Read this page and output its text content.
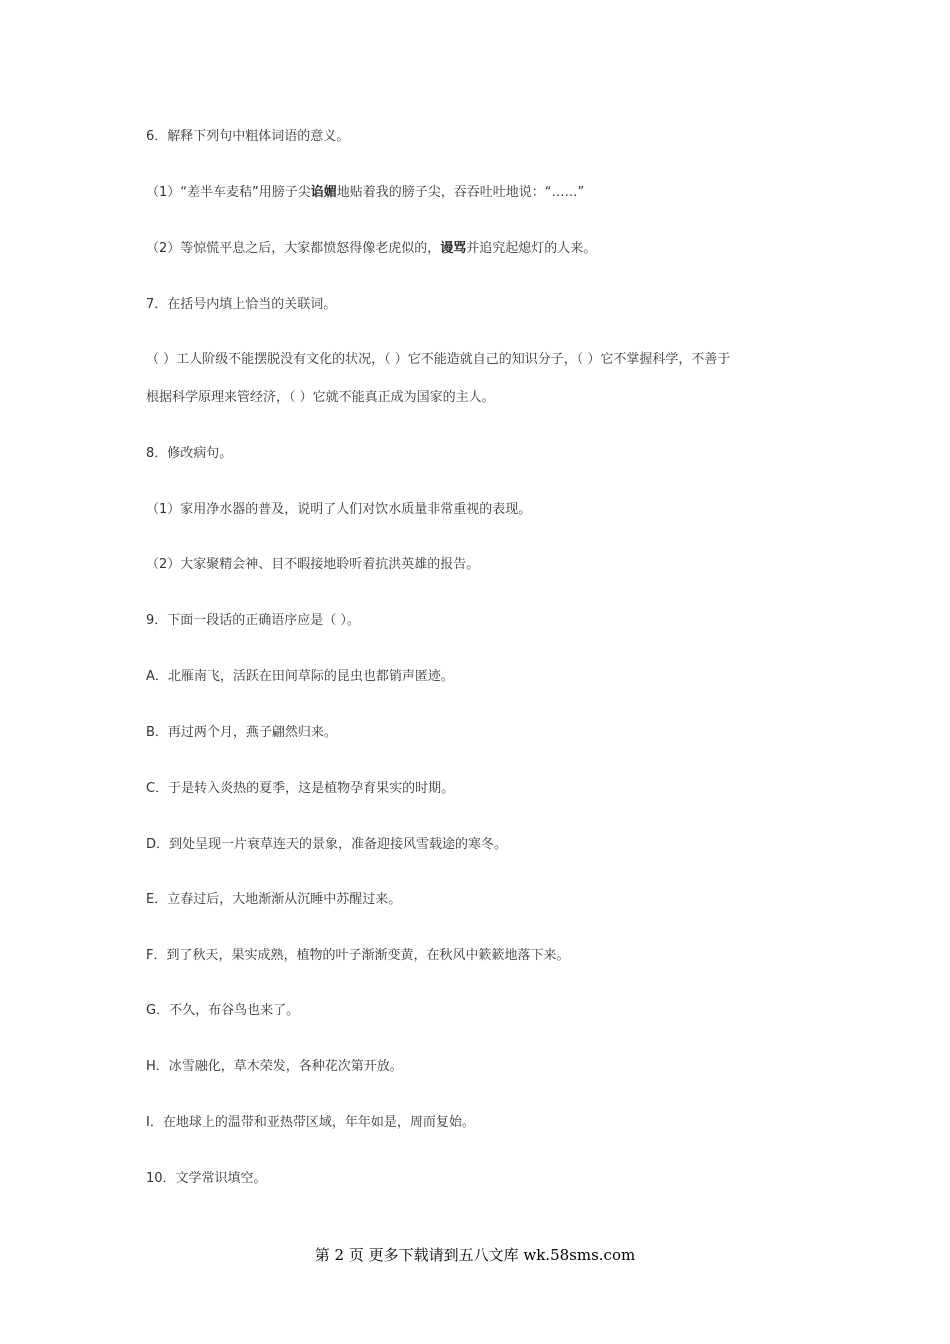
6．解释下列句中粗体词语的意义。

（1）“差半车麦秸”用膀子尖谄媚地贴着我的膀子尖，吞吞吐吐地说：“……”

（2）等惊慌平息之后，大家都愤怒得像老虎似的，谩骂并追究起熄灯的人来。

7．在括号内填上恰当的关联词。

（ ）工人阶级不能摆脱没有文化的状况，（ ）它不能造就自己的知识分子，（ ）它不掌握科学，不善于

根据科学原理来管经济，（ ）它就不能真正成为国家的主人。

8．修改病句。

（1）家用净水器的普及，说明了人们对饮水质量非常重视的表现。

（2）大家聚精会神、目不暇接地聆听着抗洪英雄的报告。

9．下面一段话的正确语序应是（ ）。

A．北雁南飞，活跃在田间草际的昆虫也都销声匿迹。

B．再过两个月，燕子翩然归来。

C．于是转入炎热的夏季，这是植物孕育果实的时期。

D．到处呈现一片衰草连天的景象，准备迎接风雪载途的寒冬。

E．立春过后，大地渐渐从沉睡中苏醒过来。

F．到了秋天，果实成熟，植物的叶子渐渐变黄，在秋风中簌簌地落下来。

G．不久，布谷鸟也来了。

H．冰雪融化，草木荣发，各种花次第开放。

I．在地球上的温带和亚热带区域，年年如是，周而复始。

10．文学常识填空。

第 2 页 更多下载请到五八文库 wk.58sms.com
